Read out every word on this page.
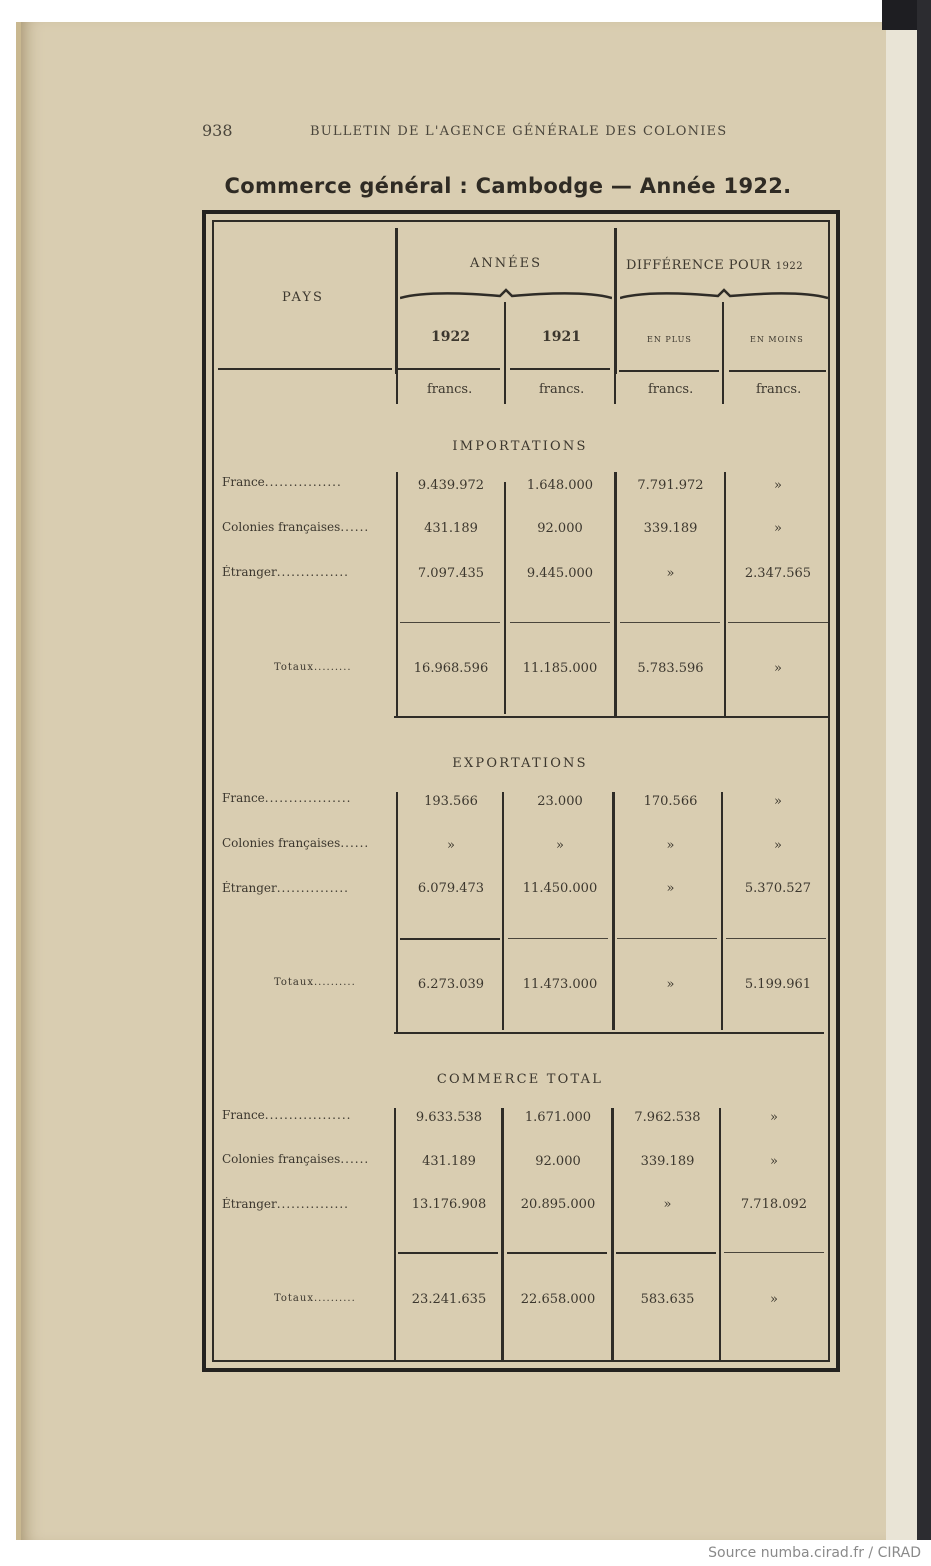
938	BULLETIN DE L'AGENCE GÉNÉRALE DES COLONIES
Commerce général : Cambodge — Année 1922.
PAYS
ANNÉES	DIFFÉRENCE POUR 1922
1922	1921	EN PLUS	EN MOINS
francs.	francs.	francs.	francs.
IMPORTATIONS
France................	9.439.972	1.648.000	7.791.972	»
Colonies françaises......	431.189	92.000	339.189	»
Étranger...............	7.097.435	9.445.000	»	2.347.565
Totaux.........	16.968.596	11.185.000	5.783.596	»
EXPORTATIONS
France..................	193.566	23.000	170.566	»
Colonies françaises......	»	»	»	»
Étranger...............	6.079.473	11.450.000	»	5.370.527
Totaux..........	6.273.039	11.473.000	»	5.199.961
COMMERCE TOTAL
France..................	9.633.538	1.671.000	7.962.538	»
Colonies françaises......	431.189	92.000	339.189	»
Étranger...............	13.176.908	20.895.000	»	7.718.092
Totaux..........	23.241.635	22.658.000	583.635	»
Source numba.cirad.fr / CIRAD
